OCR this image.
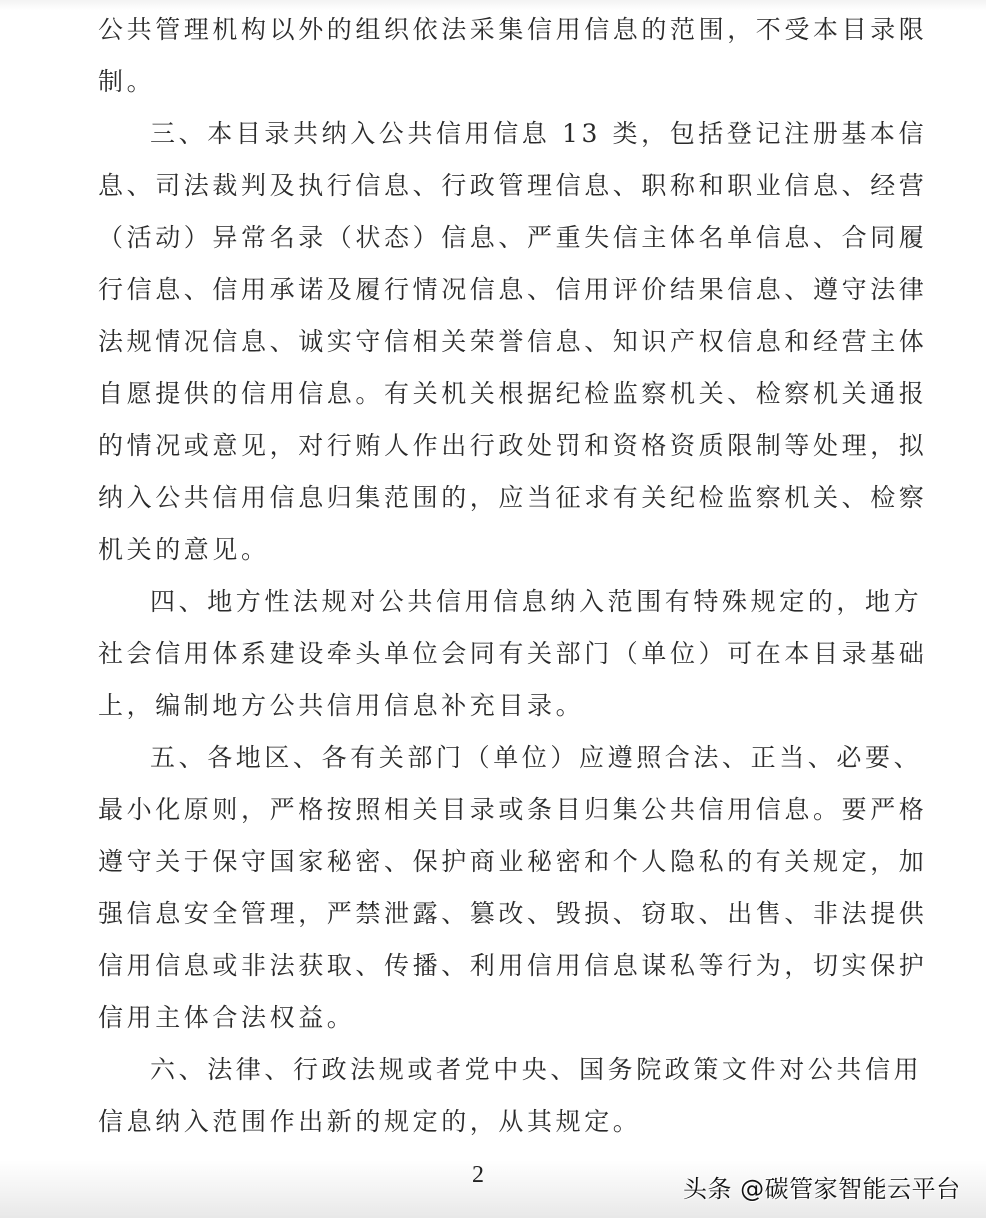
公共管理机构以外的组织依法采集信用信息的范围，不受本目录限
制。
三、本目录共纳入公共信用信息 13 类，包括登记注册基本信
息、司法裁判及执行信息、行政管理信息、职称和职业信息、经营
（活动）异常名录（状态）信息、严重失信主体名单信息、合同履
行信息、信用承诺及履行情况信息、信用评价结果信息、遵守法律
法规情况信息、诚实守信相关荣誉信息、知识产权信息和经营主体
自愿提供的信用信息。有关机关根据纪检监察机关、检察机关通报
的情况或意见，对行贿人作出行政处罚和资格资质限制等处理，拟
纳入公共信用信息归集范围的，应当征求有关纪检监察机关、检察
机关的意见。
四、地方性法规对公共信用信息纳入范围有特殊规定的，地方
社会信用体系建设牵头单位会同有关部门（单位）可在本目录基础
上，编制地方公共信用信息补充目录。
五、各地区、各有关部门（单位）应遵照合法、正当、必要、
最小化原则，严格按照相关目录或条目归集公共信用信息。要严格
遵守关于保守国家秘密、保护商业秘密和个人隐私的有关规定，加
强信息安全管理，严禁泄露、篡改、毁损、窃取、出售、非法提供
信用信息或非法获取、传播、利用信用信息谋私等行为，切实保护
信用主体合法权益。
六、法律、行政法规或者党中央、国务院政策文件对公共信用
信息纳入范围作出新的规定的，从其规定。
2	头条 @碳管家智能云平台
